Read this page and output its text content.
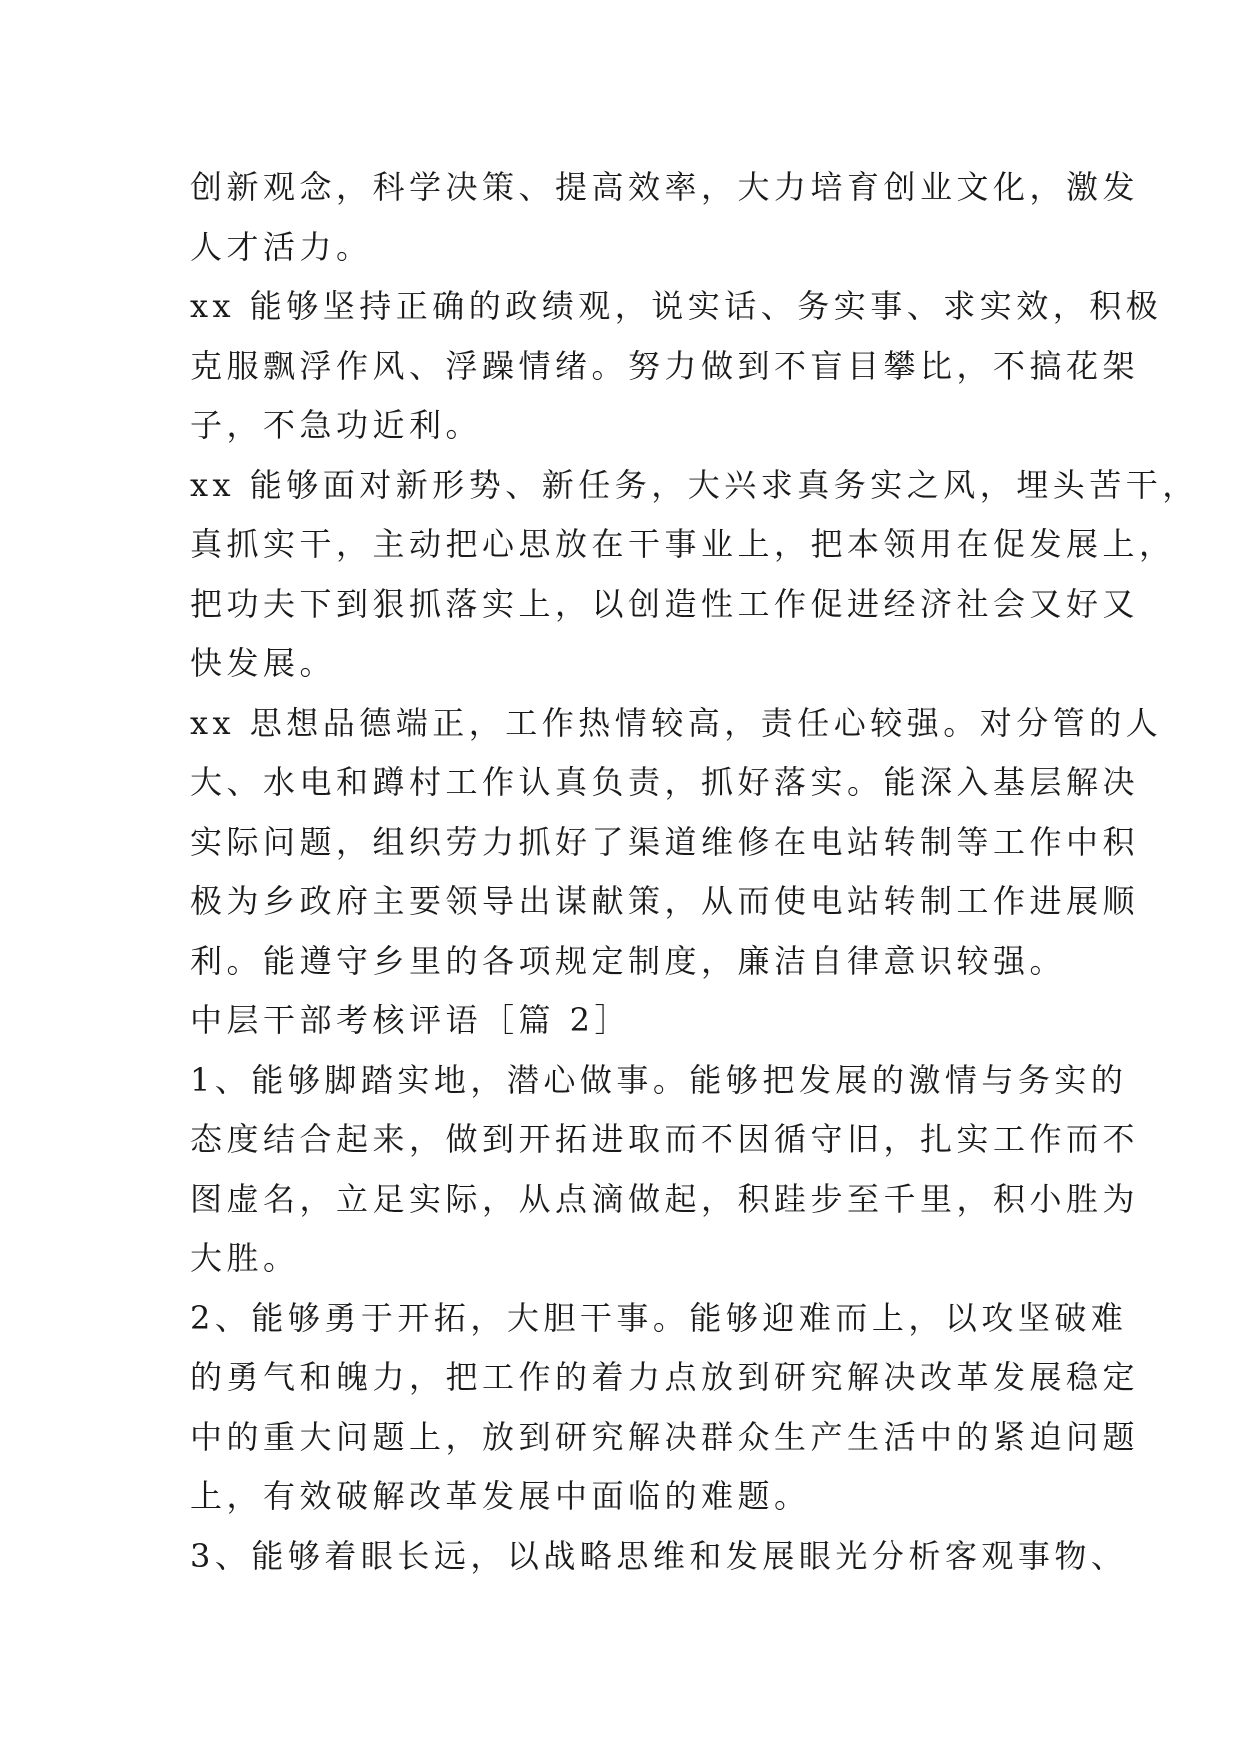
创新观念，科学决策、提高效率，大力培育创业文化，激发
人才活力。
xx 能够坚持正确的政绩观，说实话、务实事、求实效，积极
克服飘浮作风、浮躁情绪。努力做到不盲目攀比，不搞花架
子，不急功近利。
xx 能够面对新形势、新任务，大兴求真务实之风，埋头苦干，
真抓实干，主动把心思放在干事业上，把本领用在促发展上，
把功夫下到狠抓落实上，以创造性工作促进经济社会又好又
快发展。
xx 思想品德端正，工作热情较高，责任心较强。对分管的人
大、水电和蹲村工作认真负责，抓好落实。能深入基层解决
实际问题，组织劳力抓好了渠道维修在电站转制等工作中积
极为乡政府主要领导出谋献策，从而使电站转制工作进展顺
利。能遵守乡里的各项规定制度，廉洁自律意识较强。
中层干部考核评语［篇 2］
1、能够脚踏实地，潜心做事。能够把发展的激情与务实的
态度结合起来，做到开拓进取而不因循守旧，扎实工作而不
图虚名，立足实际，从点滴做起，积跬步至千里，积小胜为
大胜。
2、能够勇于开拓，大胆干事。能够迎难而上，以攻坚破难
的勇气和魄力，把工作的着力点放到研究解决改革发展稳定
中的重大问题上，放到研究解决群众生产生活中的紧迫问题
上，有效破解改革发展中面临的难题。
3、能够着眼长远，以战略思维和发展眼光分析客观事物、
